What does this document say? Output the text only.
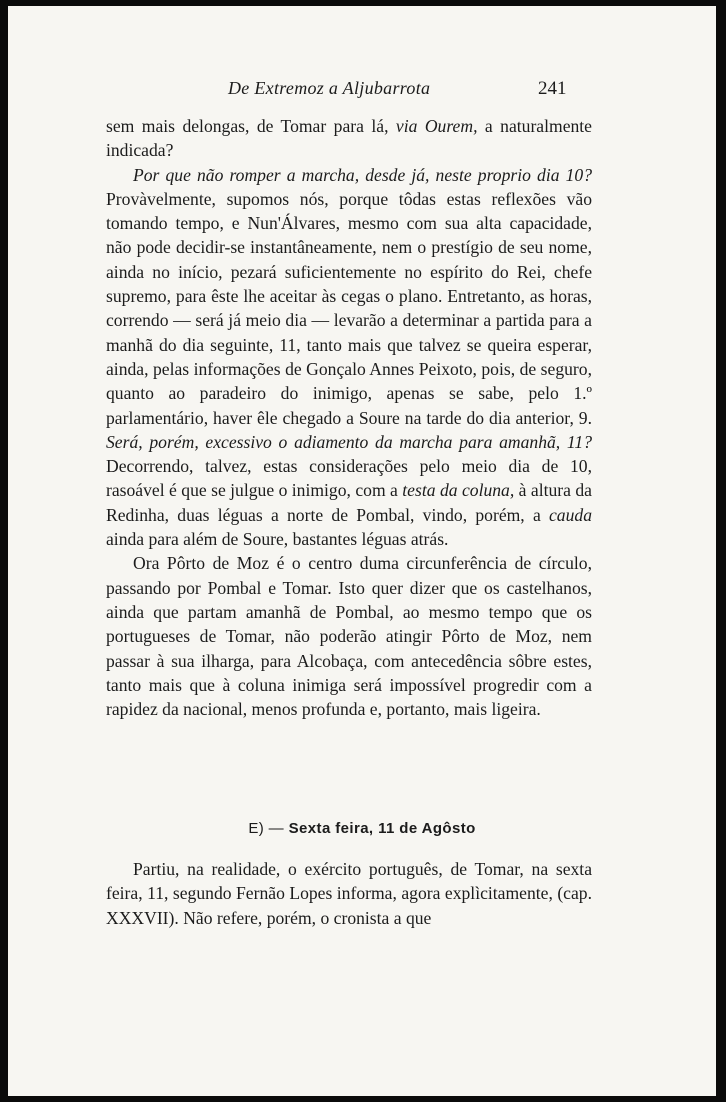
De Extremoz a Aljubarrota	241

sem mais delongas, de Tomar para lá, via Ourem, a naturalmente indicada?

Por que não romper a marcha, desde já, neste proprio dia 10? Provàvelmente, supomos nós, porque tôdas estas reflexões vão tomando tempo, e Nun'Álvares, mesmo com sua alta capacidade, não pode decidir-se instantâneamente, nem o prestígio de seu nome, ainda no início, pezará suficientemente no espírito do Rei, chefe supremo, para êste lhe aceitar às cegas o plano. Entretanto, as horas, correndo — será já meio dia — levarão a determinar a partida para a manhã do dia seguinte, 11, tanto mais que talvez se queira esperar, ainda, pelas informações de Gonçalo Annes Peixoto, pois, de seguro, quanto ao paradeiro do inimigo, apenas se sabe, pelo 1.º parlamentário, haver êle chegado a Soure na tarde do dia anterior, 9. Será, porém, excessivo o adiamento da marcha para amanhã, 11? Decorrendo, talvez, estas considerações pelo meio dia de 10, rasoável é que se julgue o inimigo, com a testa da coluna, à altura da Redinha, duas léguas a norte de Pombal, vindo, porém, a cauda ainda para além de Soure, bastantes léguas atrás.

Ora Pôrto de Moz é o centro duma circunferência de círculo, passando por Pombal e Tomar. Isto quer dizer que os castelhanos, ainda que partam amanhã de Pombal, ao mesmo tempo que os portugueses de Tomar, não poderão atingir Pôrto de Moz, nem passar à sua ilharga, para Alcobaça, com antecedência sôbre estes, tanto mais que à coluna inimiga será impossível progredir com a rapidez da nacional, menos profunda e, portanto, mais ligeira.

E) — Sexta feira, 11 de Agôsto

Partiu, na realidade, o exército português, de Tomar, na sexta feira, 11, segundo Fernão Lopes informa, agora explìcitamente, (cap. XXXVII). Não refere, porém, o cronista a que
